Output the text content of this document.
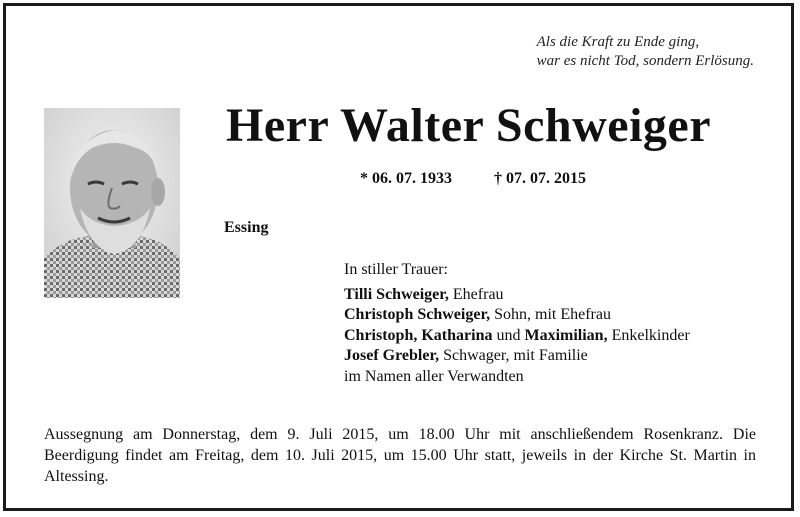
Als die Kraft zu Ende ging,
war es nicht Tod, sondern Erlösung.
Herr Walter Schweiger
* 06. 07. 1933	† 07. 07. 2015
Essing
In stiller Trauer:
Tilli Schweiger, Ehefrau
Christoph Schweiger, Sohn, mit Ehefrau
Christoph, Katharina und Maximilian, Enkelkinder
Josef Grebler, Schwager, mit Familie
im Namen aller Verwandten
Aussegnung am Donnerstag, dem 9. Juli 2015, um 18.00 Uhr mit anschließendem Rosenkranz. Die Beerdigung findet am Freitag, dem 10. Juli 2015, um 15.00 Uhr statt, jeweils in der Kirche St. Martin in Altessing.
